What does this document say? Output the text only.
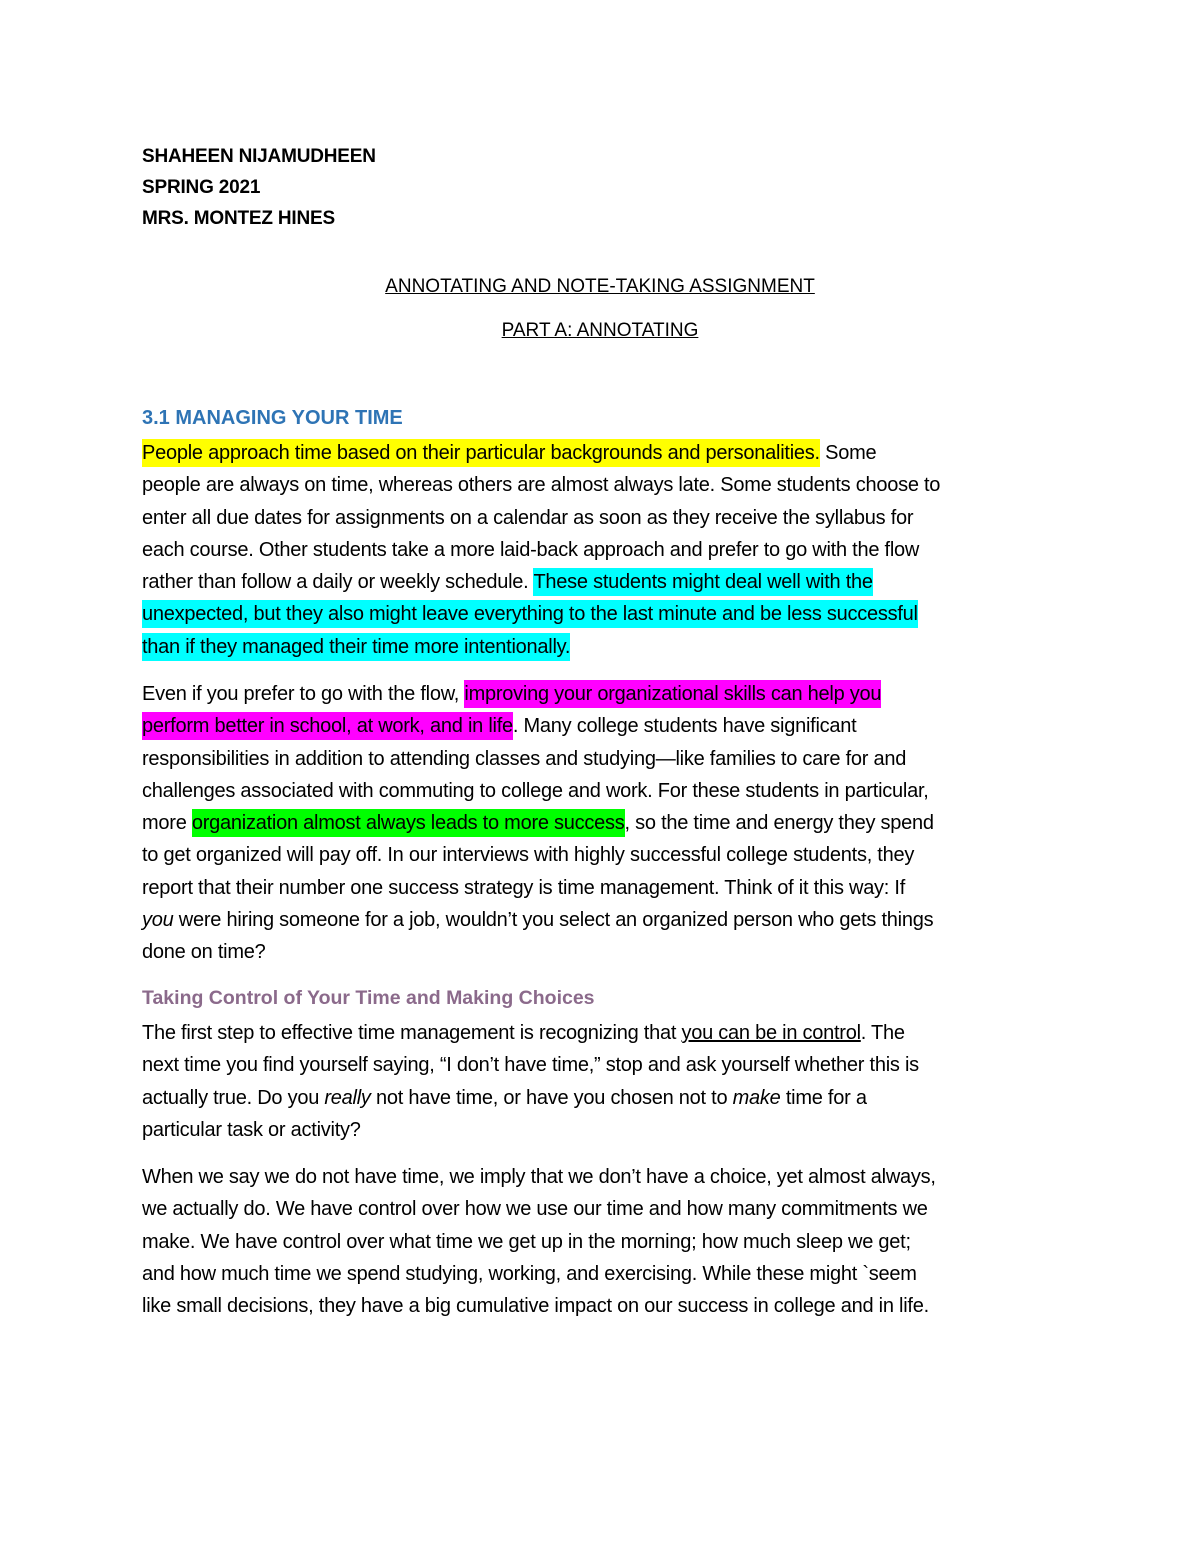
SHAHEEN NIJAMUDHEEN
SPRING 2021
MRS. MONTEZ HINES
ANNOTATING AND NOTE-TAKING ASSIGNMENT
PART A: ANNOTATING
3.1 MANAGING YOUR TIME
People approach time based on their particular backgrounds and personalities. Some
people are always on time, whereas others are almost always late. Some students choose to
enter all due dates for assignments on a calendar as soon as they receive the syllabus for
each course. Other students take a more laid-back approach and prefer to go with the flow
rather than follow a daily or weekly schedule. These students might deal well with the
unexpected, but they also might leave everything to the last minute and be less successful
than if they managed their time more intentionally.
Even if you prefer to go with the flow, improving your organizational skills can help you
perform better in school, at work, and in life. Many college students have significant
responsibilities in addition to attending classes and studying—like families to care for and
challenges associated with commuting to college and work. For these students in particular,
more organization almost always leads to more success, so the time and energy they spend
to get organized will pay off. In our interviews with highly successful college students, they
report that their number one success strategy is time management. Think of it this way: If
you were hiring someone for a job, wouldn’t you select an organized person who gets things
done on time?
Taking Control of Your Time and Making Choices
The first step to effective time management is recognizing that you can be in control. The
next time you find yourself saying, “I don’t have time,” stop and ask yourself whether this is
actually true. Do you really not have time, or have you chosen not to make time for a
particular task or activity?
When we say we do not have time, we imply that we don’t have a choice, yet almost always,
we actually do. We have control over how we use our time and how many commitments we
make. We have control over what time we get up in the morning; how much sleep we get;
and how much time we spend studying, working, and exercising. While these might `seem
like small decisions, they have a big cumulative impact on our success in college and in life.
